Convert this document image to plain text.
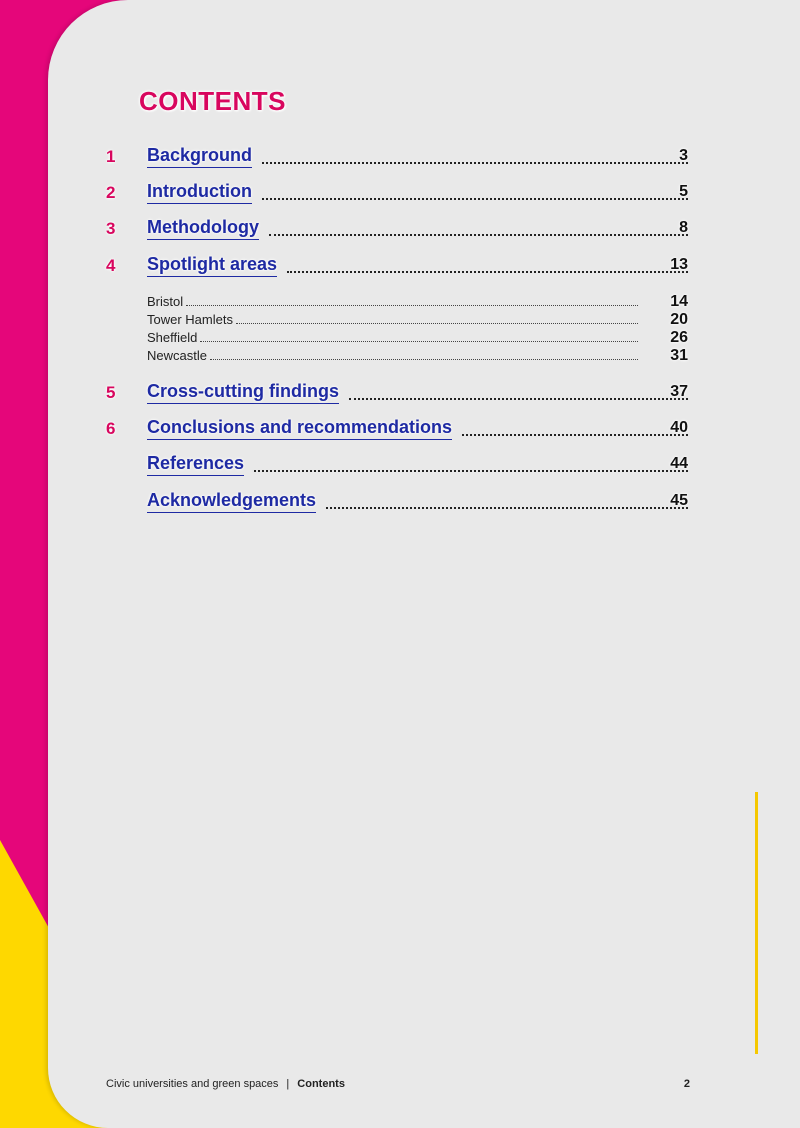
CONTENTS
1	Background	3
2	Introduction	5
3	Methodology	8
4	Spotlight areas	13
Bristol	14
Tower Hamlets	20
Sheffield	26
Newcastle	31
5	Cross-cutting findings	37
6	Conclusions and recommendations	40
References	44
Acknowledgements	45
Civic universities and green spaces | Contents	2
